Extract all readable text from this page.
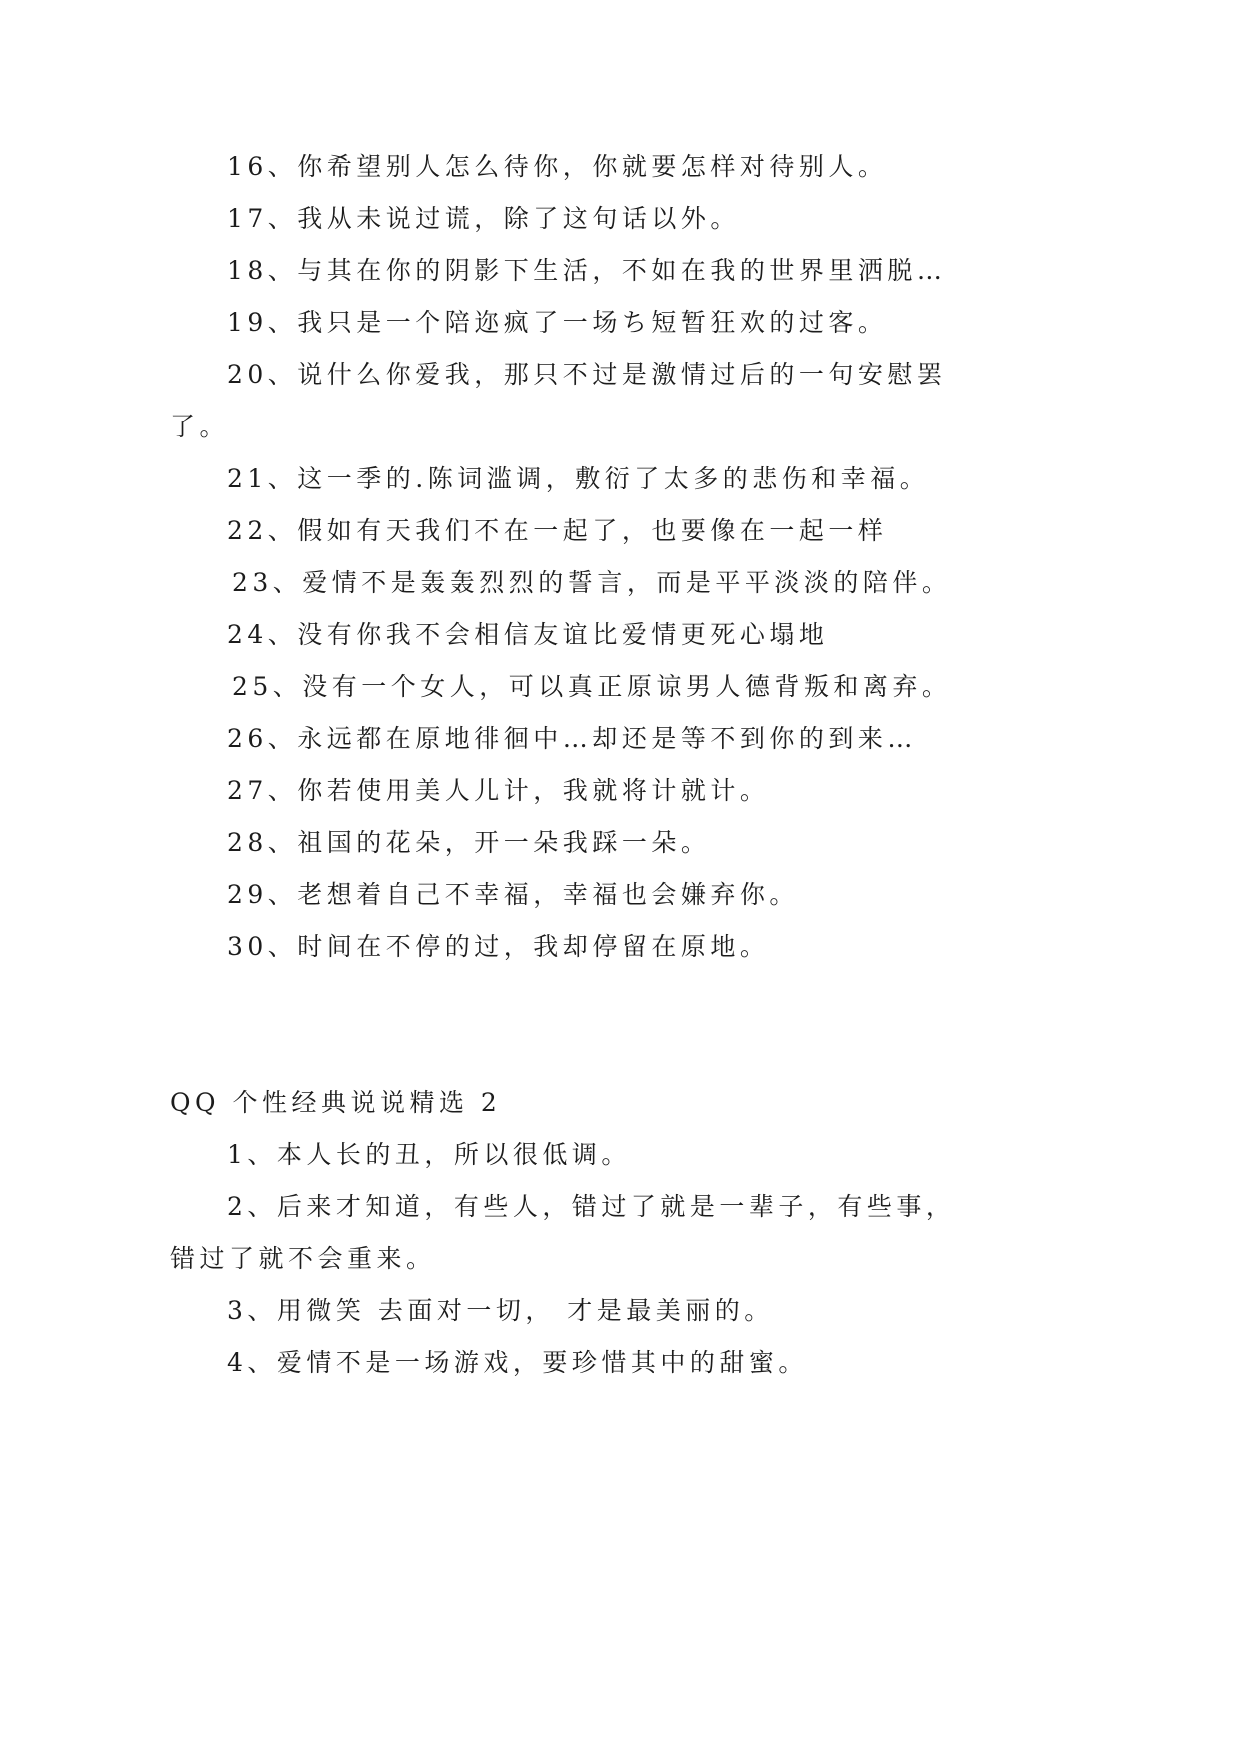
16、你希望别人怎么待你，你就要怎样对待别人。
17、我从未说过谎，除了这句话以外。
18、与其在你的阴影下生活，不如在我的世界里洒脱…
19、我只是一个陪迩疯了一场ち短暂狂欢的过客。
20、说什么你爱我，那只不过是激情过后的一句安慰罢
了。
21、这一季的.陈词滥调，敷衍了太多的悲伤和幸福。
22、假如有天我们不在一起了，也要像在一起一样
23、爱情不是轰轰烈烈的誓言，而是平平淡淡的陪伴。
24、没有你我不会相信友谊比爱情更死心塌地
25、没有一个女人，可以真正原谅男人德背叛和离弃。
26、永远都在原地徘徊中…却还是等不到你的到来…
27、你若使用美人儿计，我就将计就计。
28、祖国的花朵，开一朵我踩一朵。
29、老想着自己不幸福，幸福也会嫌弃你。
30、时间在不停的过，我却停留在原地。
QQ 个性经典说说精选 2
1、本人长的丑，所以很低调。
2、后来才知道，有些人，错过了就是一辈子，有些事，
错过了就不会重来。
3、用微笑 去面对一切， 才是最美丽的。
4、爱情不是一场游戏，要珍惜其中的甜蜜。
